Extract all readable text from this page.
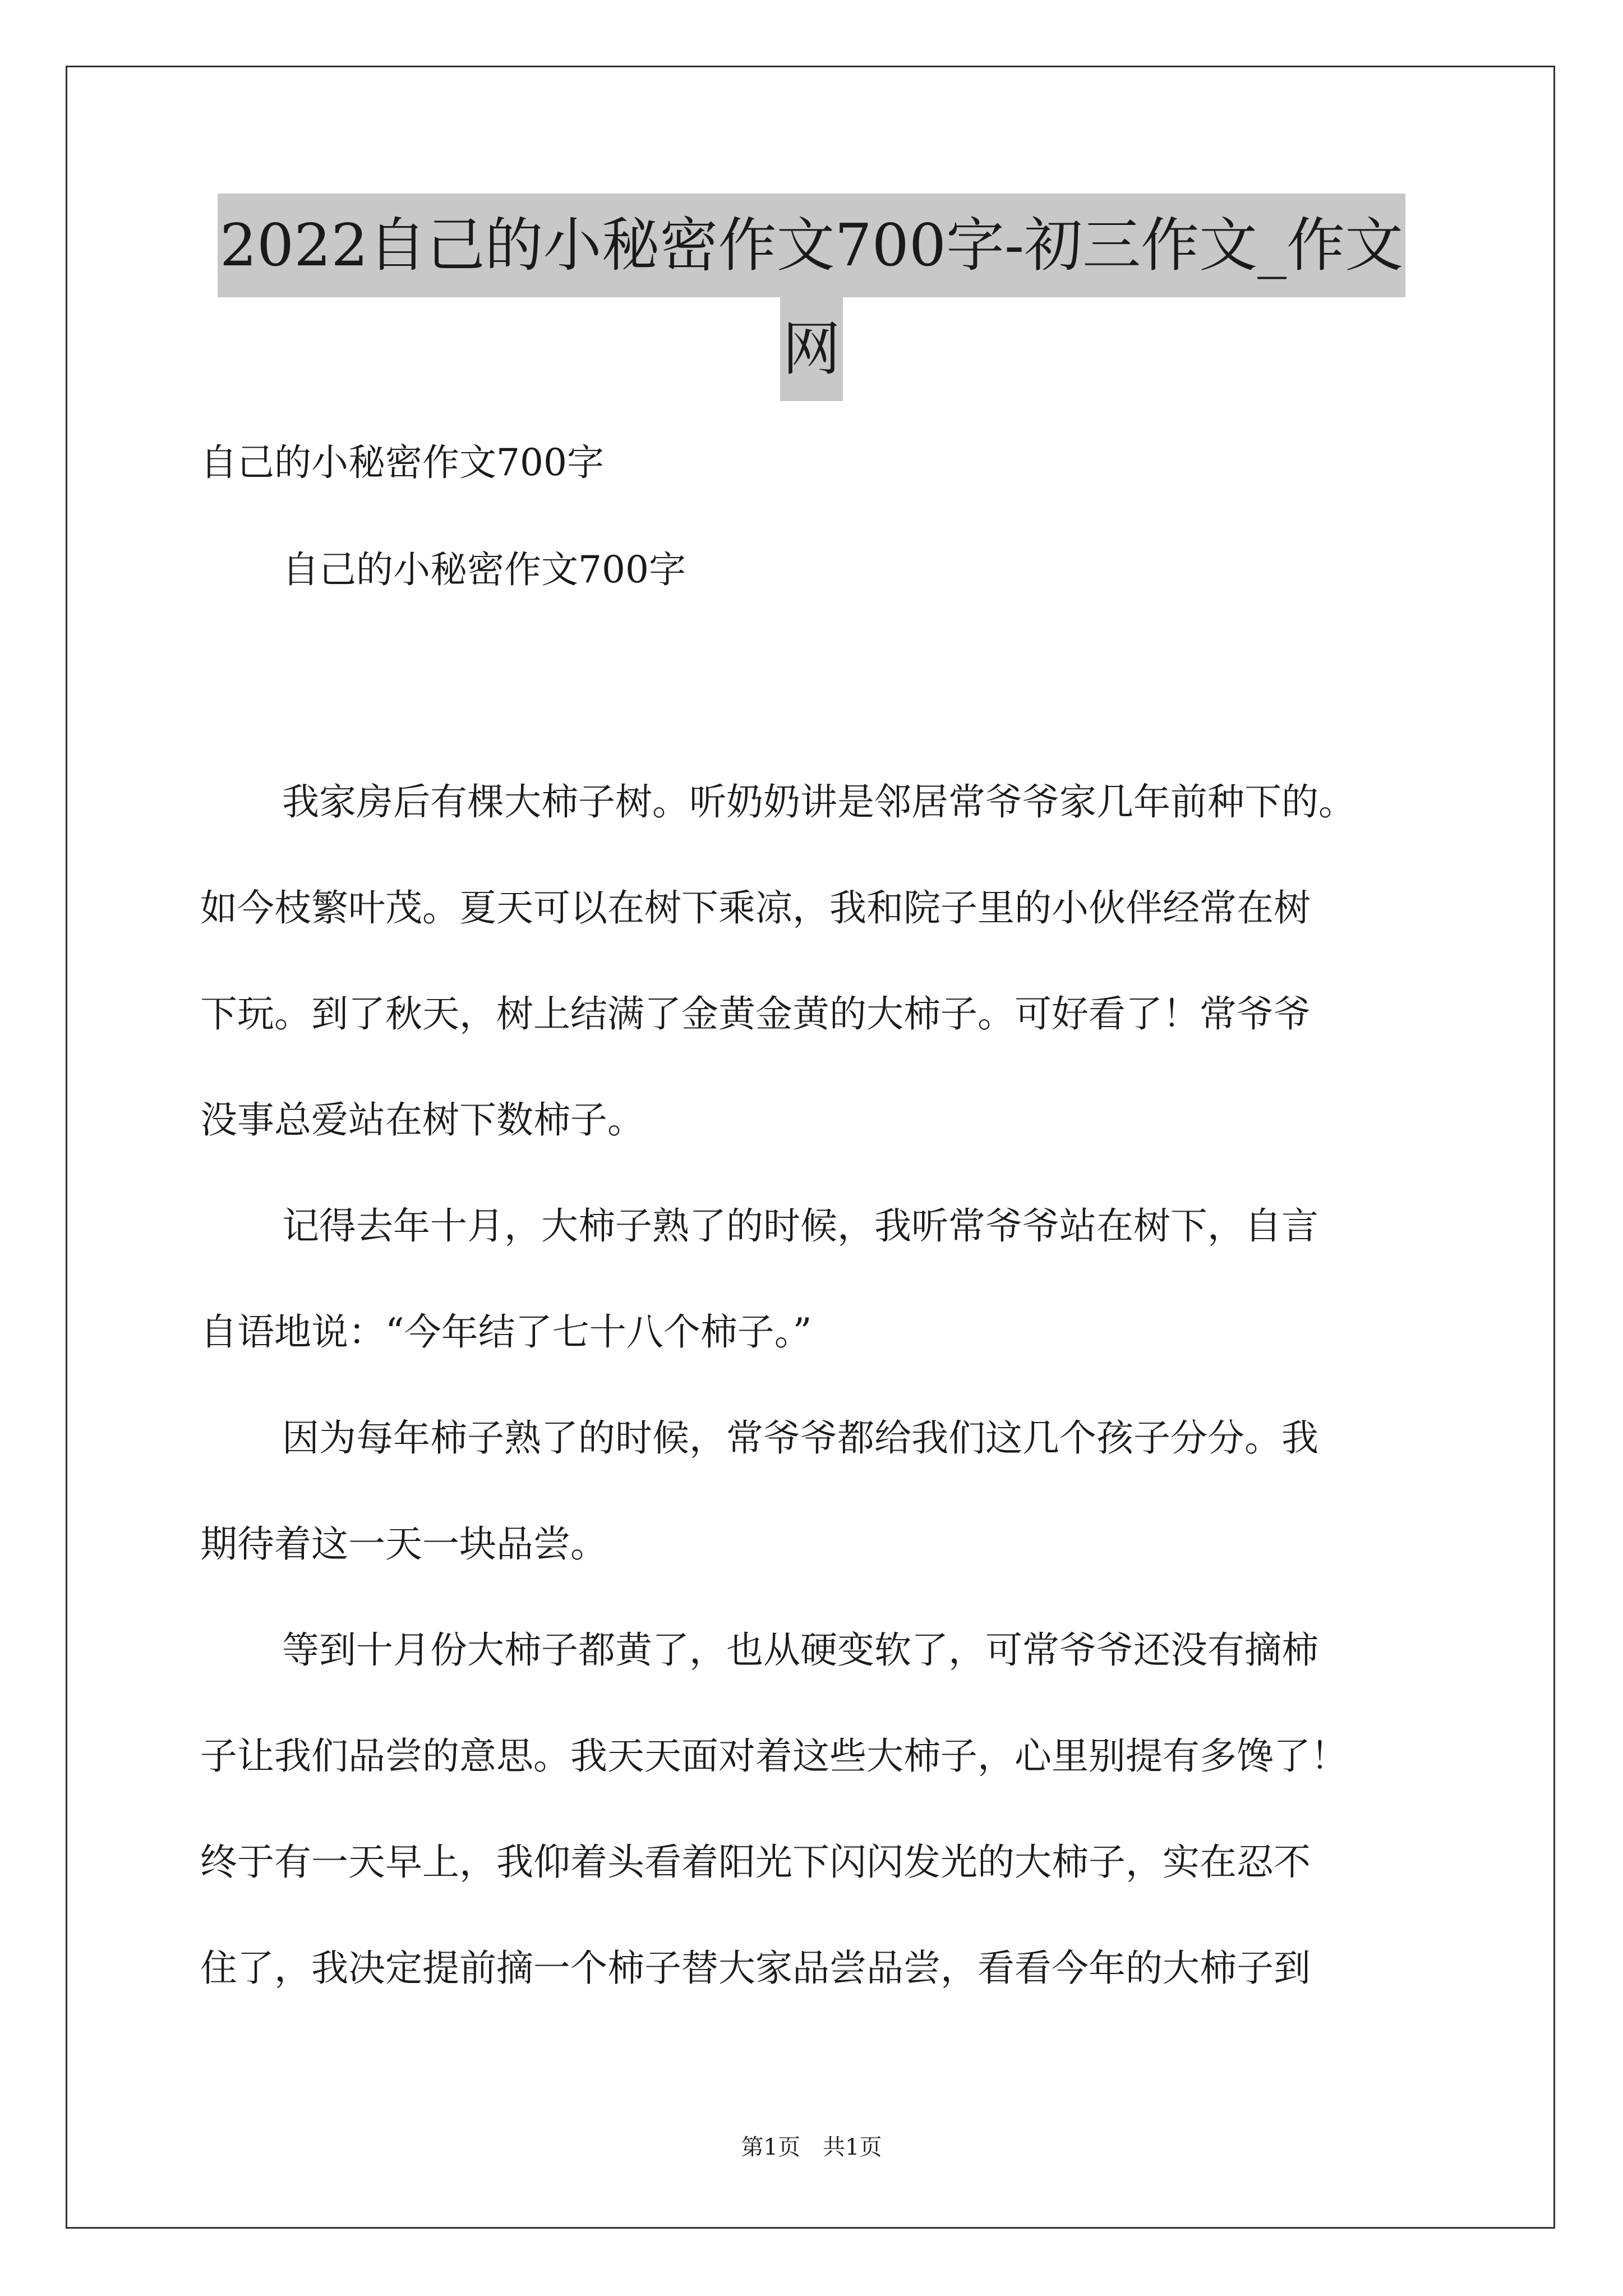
2022自己的小秘密作文700字-初三作文_作文
网
自己的小秘密作文700字
自己的小秘密作文700字
我家房后有棵大柿子树。听奶奶讲是邻居常爷爷家几年前种下的。
如今枝繁叶茂。夏天可以在树下乘凉，我和院子里的小伙伴经常在树
下玩。到了秋天，树上结满了金黄金黄的大柿子。可好看了！常爷爷
没事总爱站在树下数柿子。
记得去年十月，大柿子熟了的时候，我听常爷爷站在树下，自言
自语地说：“今年结了七十八个柿子。”
因为每年柿子熟了的时候，常爷爷都给我们这几个孩子分分。我
期待着这一天一块品尝。
等到十月份大柿子都黄了，也从硬变软了，可常爷爷还没有摘柿
子让我们品尝的意思。我天天面对着这些大柿子，心里别提有多馋了！
终于有一天早上，我仰着头看着阳光下闪闪发光的大柿子，实在忍不
住了，我决定提前摘一个柿子替大家品尝品尝，看看今年的大柿子到
第1页　共1页
